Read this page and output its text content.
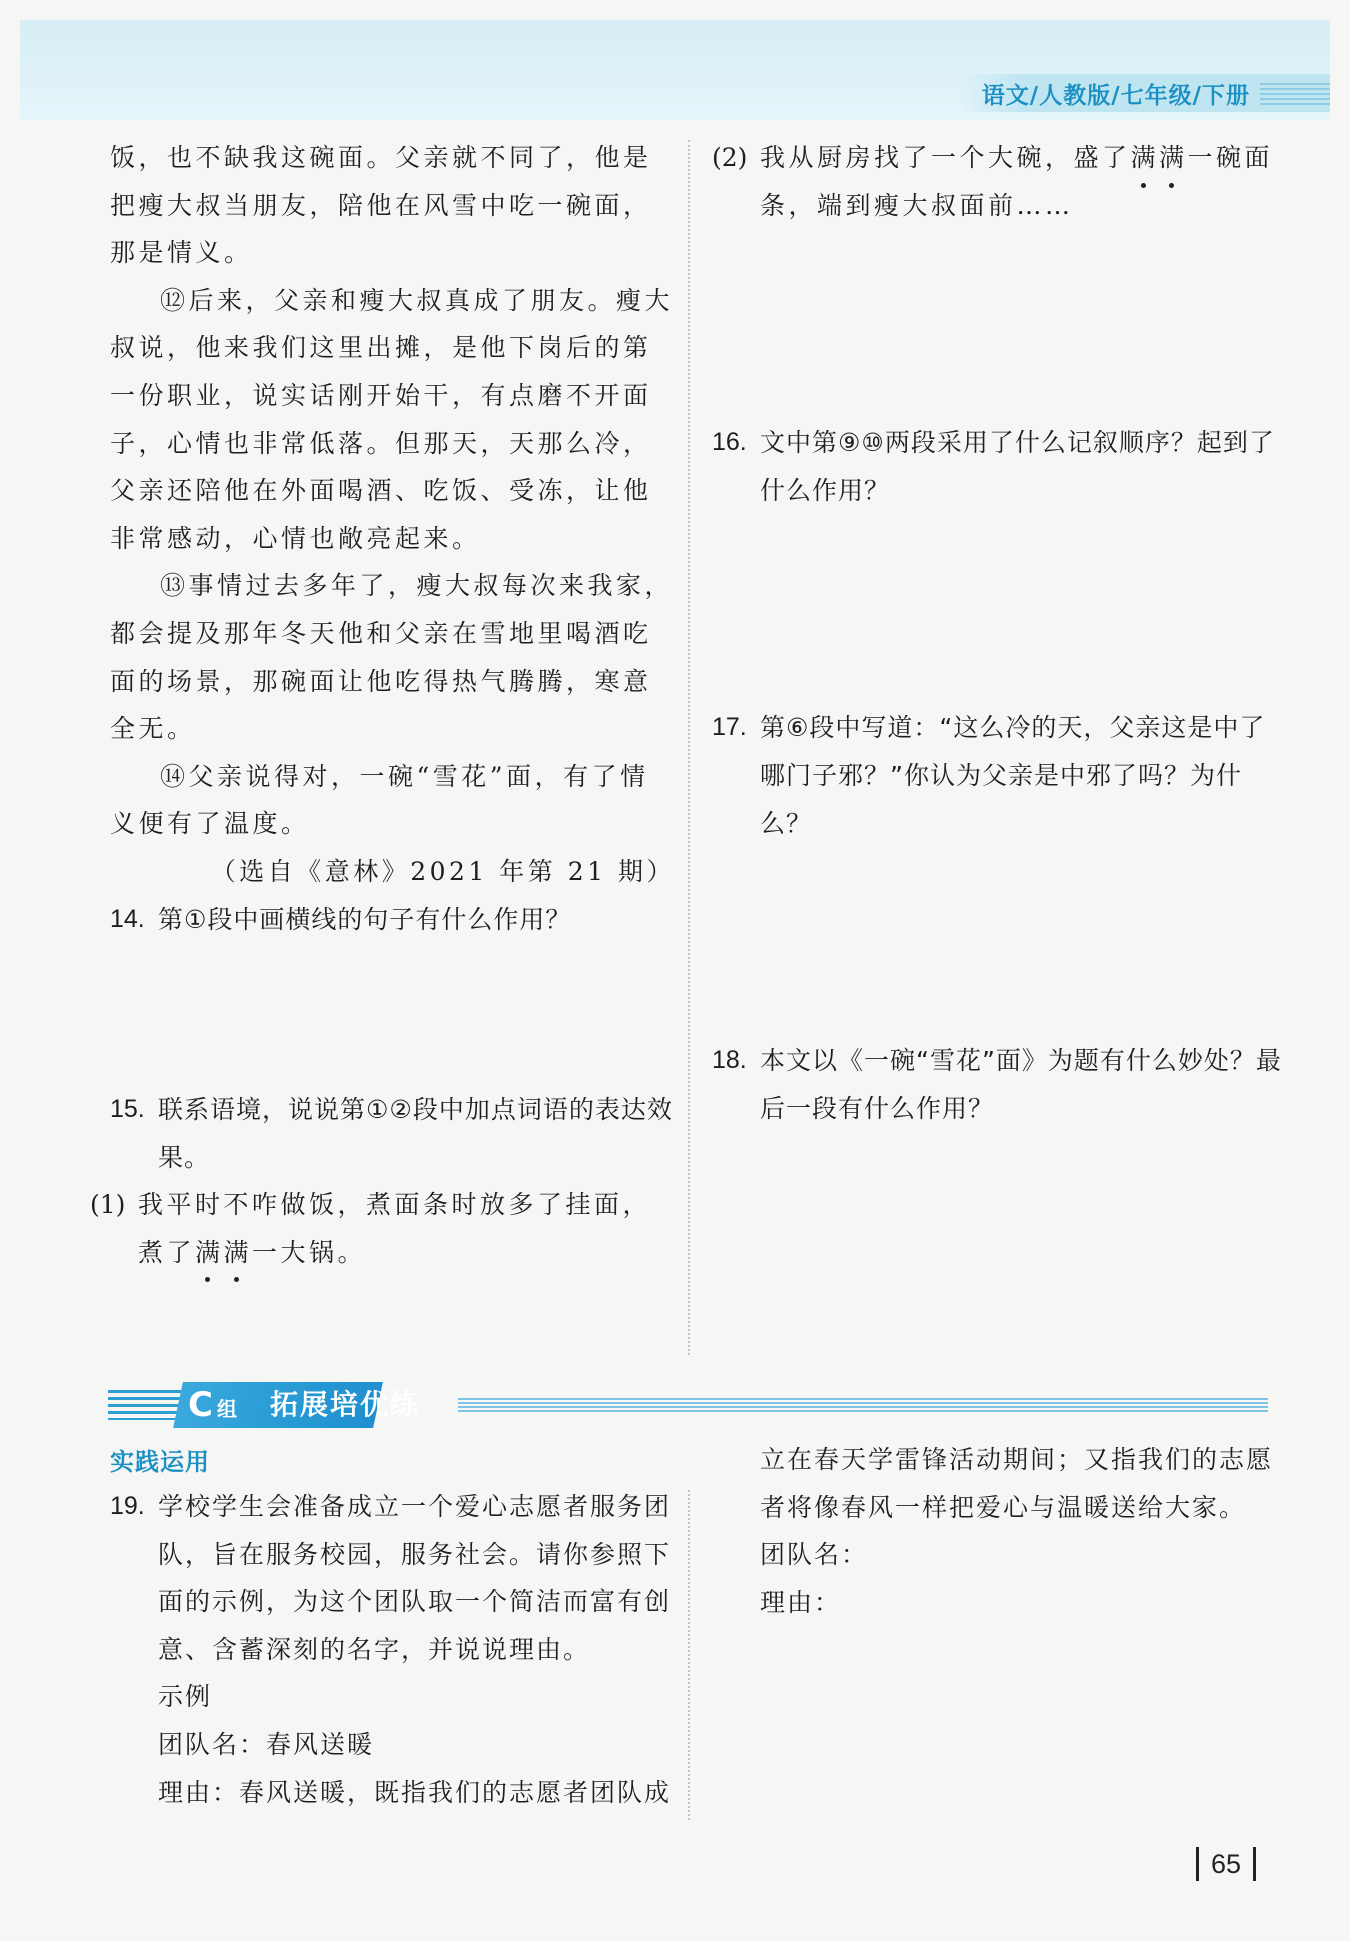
语文/人教版/七年级/下册

饭，也不缺我这碗面。父亲就不同了，他是把瘦大叔当朋友，陪他在风雪中吃一碗面，那是情义。

⑫后来，父亲和瘦大叔真成了朋友。瘦大叔说，他来我们这里出摊，是他下岗后的第一份职业，说实话刚开始干，有点磨不开面子，心情也非常低落。但那天，天那么冷，父亲还陪他在外面喝酒、吃饭、受冻，让他非常感动，心情也敞亮起来。

⑬事情过去多年了，瘦大叔每次来我家，都会提及那年冬天他和父亲在雪地里喝酒吃面的场景，那碗面让他吃得热气腾腾，寒意全无。

⑭父亲说得对，一碗“雪花”面，有了情义便有了温度。

（选自《意林》2021 年第 21 期）

14. 第①段中画横线的句子有什么作用？
15. 联系语境，说说第①②段中加点词语的表达效果。
(1) 我平时不咋做饭，煮面条时放多了挂面，煮了满满一大锅。
(2) 我从厨房找了一个大碗，盛了满满一碗面条，端到瘦大叔面前……
16. 文中第⑨⑩两段采用了什么记叙顺序？起到了什么作用？
17. 第⑥段中写道：“这么冷的天，父亲这是中了哪门子邪？”你认为父亲是中邪了吗？为什么？
18. 本文以《一碗“雪花”面》为题有什么妙处？最后一段有什么作用？
C组 拓展培优练
实践运用
19. 学校学生会准备成立一个爱心志愿者服务团队，旨在服务校园，服务社会。请你参照下面的示例，为这个团队取一个简洁而富有创意、含蓄深刻的名字，并说说理由。
示例
团队名：春风送暖
理由：春风送暖，既指我们的志愿者团队成

立在春天学雷锋活动期间；又指我们的志愿者将像春风一样把爱心与温暖送给大家。

团队名：

理由：

65
